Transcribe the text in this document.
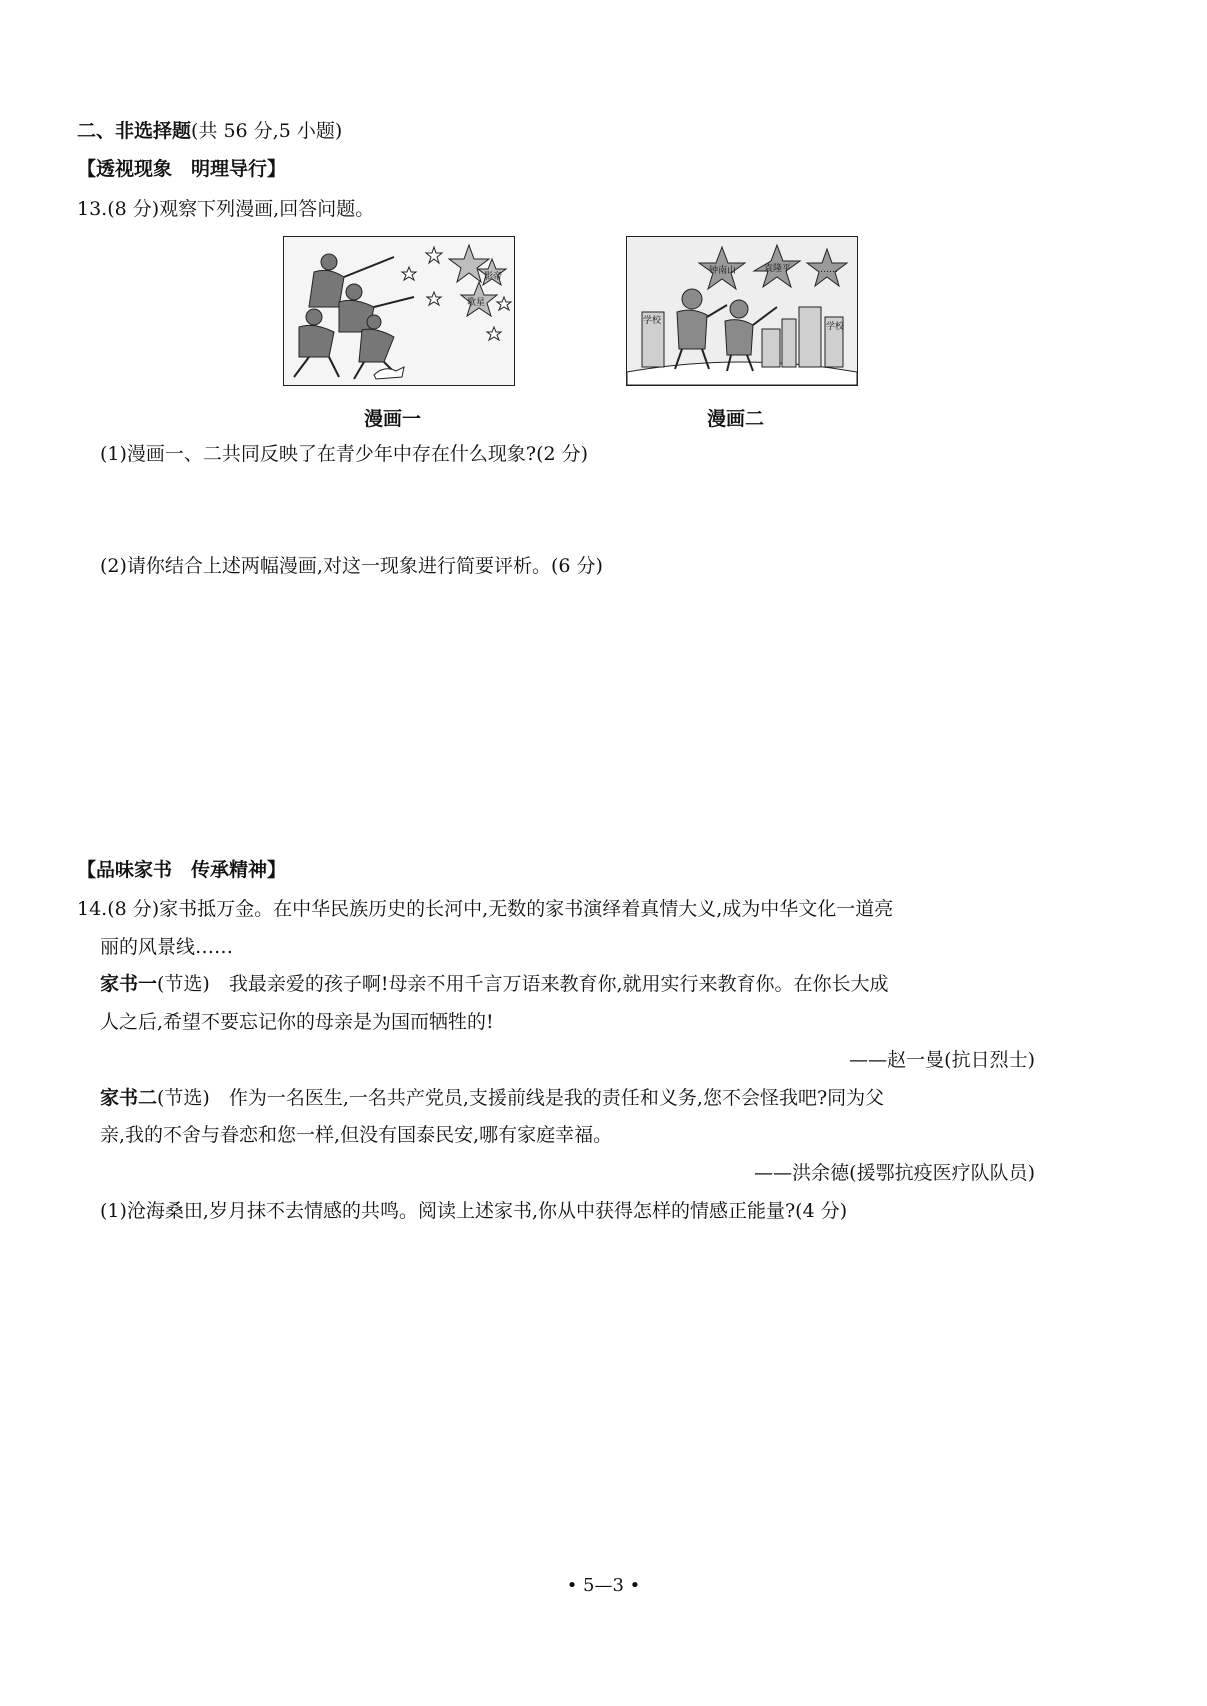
二、非选择题(共 56 分,5 小题)
【透视现象　明理导行】
13.(8 分)观察下列漫画,回答问题。
影帝
歌星
漫画一
学校
学校
钟南山	袁隆平	……
漫画二
(1)漫画一、二共同反映了在青少年中存在什么现象?(2 分)
(2)请你结合上述两幅漫画,对这一现象进行简要评析。(6 分)
【品味家书　传承精神】
14.(8 分)家书抵万金。在中华民族历史的长河中,无数的家书演绎着真情大义,成为中华文化一道亮
丽的风景线……
家书一(节选)　我最亲爱的孩子啊!母亲不用千言万语来教育你,就用实行来教育你。在你长大成
人之后,希望不要忘记你的母亲是为国而牺牲的!
——赵一曼(抗日烈士)
家书二(节选)　作为一名医生,一名共产党员,支援前线是我的责任和义务,您不会怪我吧?同为父
亲,我的不舍与眷恋和您一样,但没有国泰民安,哪有家庭幸福。
——洪余德(援鄂抗疫医疗队队员)
(1)沧海桑田,岁月抹不去情感的共鸣。阅读上述家书,你从中获得怎样的情感正能量?(4 分)
• 5—3 •
